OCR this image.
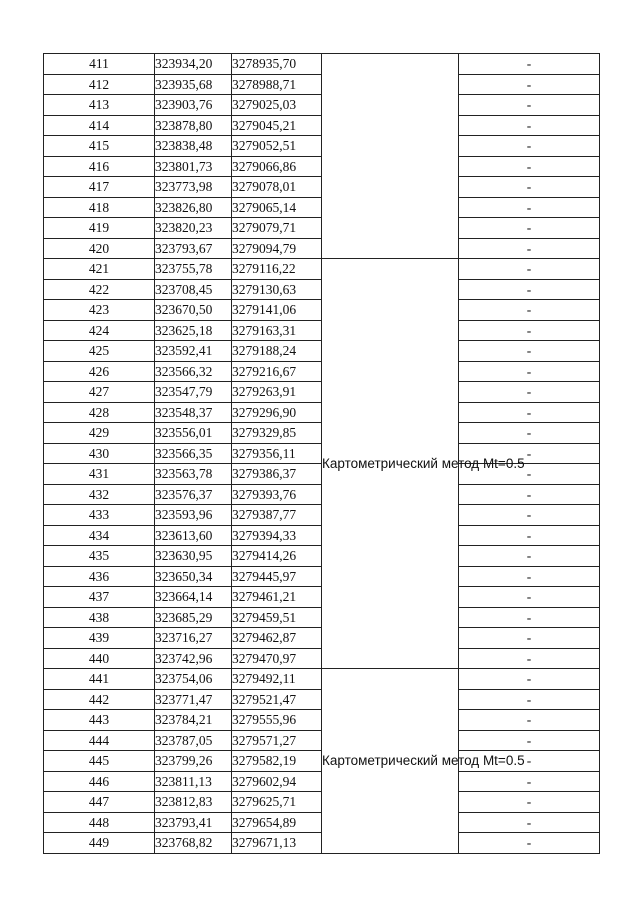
411	323934,20	3278935,70		-
412	323935,68	3278988,71		-
413	323903,76	3279025,03		-
414	323878,80	3279045,21		-
415	323838,48	3279052,51		-
416	323801,73	3279066,86		-
417	323773,98	3279078,01		-
418	323826,80	3279065,14		-
419	323820,23	3279079,71		-
420	323793,67	3279094,79		-
421	323755,78	3279116,22	Картометрический метод Mt=0.5	-
422	323708,45	3279130,63		-
423	323670,50	3279141,06		-
424	323625,18	3279163,31		-
425	323592,41	3279188,24		-
426	323566,32	3279216,67		-
427	323547,79	3279263,91		-
428	323548,37	3279296,90		-
429	323556,01	3279329,85		-
430	323566,35	3279356,11		-
431	323563,78	3279386,37		-
432	323576,37	3279393,76		-
433	323593,96	3279387,77		-
434	323613,60	3279394,33		-
435	323630,95	3279414,26		-
436	323650,34	3279445,97		-
437	323664,14	3279461,21		-
438	323685,29	3279459,51		-
439	323716,27	3279462,87		-
440	323742,96	3279470,97		-
441	323754,06	3279492,11	Картометрический метод Mt=0.5	-
442	323771,47	3279521,47		-
443	323784,21	3279555,96		-
444	323787,05	3279571,27		-
445	323799,26	3279582,19		-
446	323811,13	3279602,94		-
447	323812,83	3279625,71		-
448	323793,41	3279654,89		-
449	323768,82	3279671,13		-
